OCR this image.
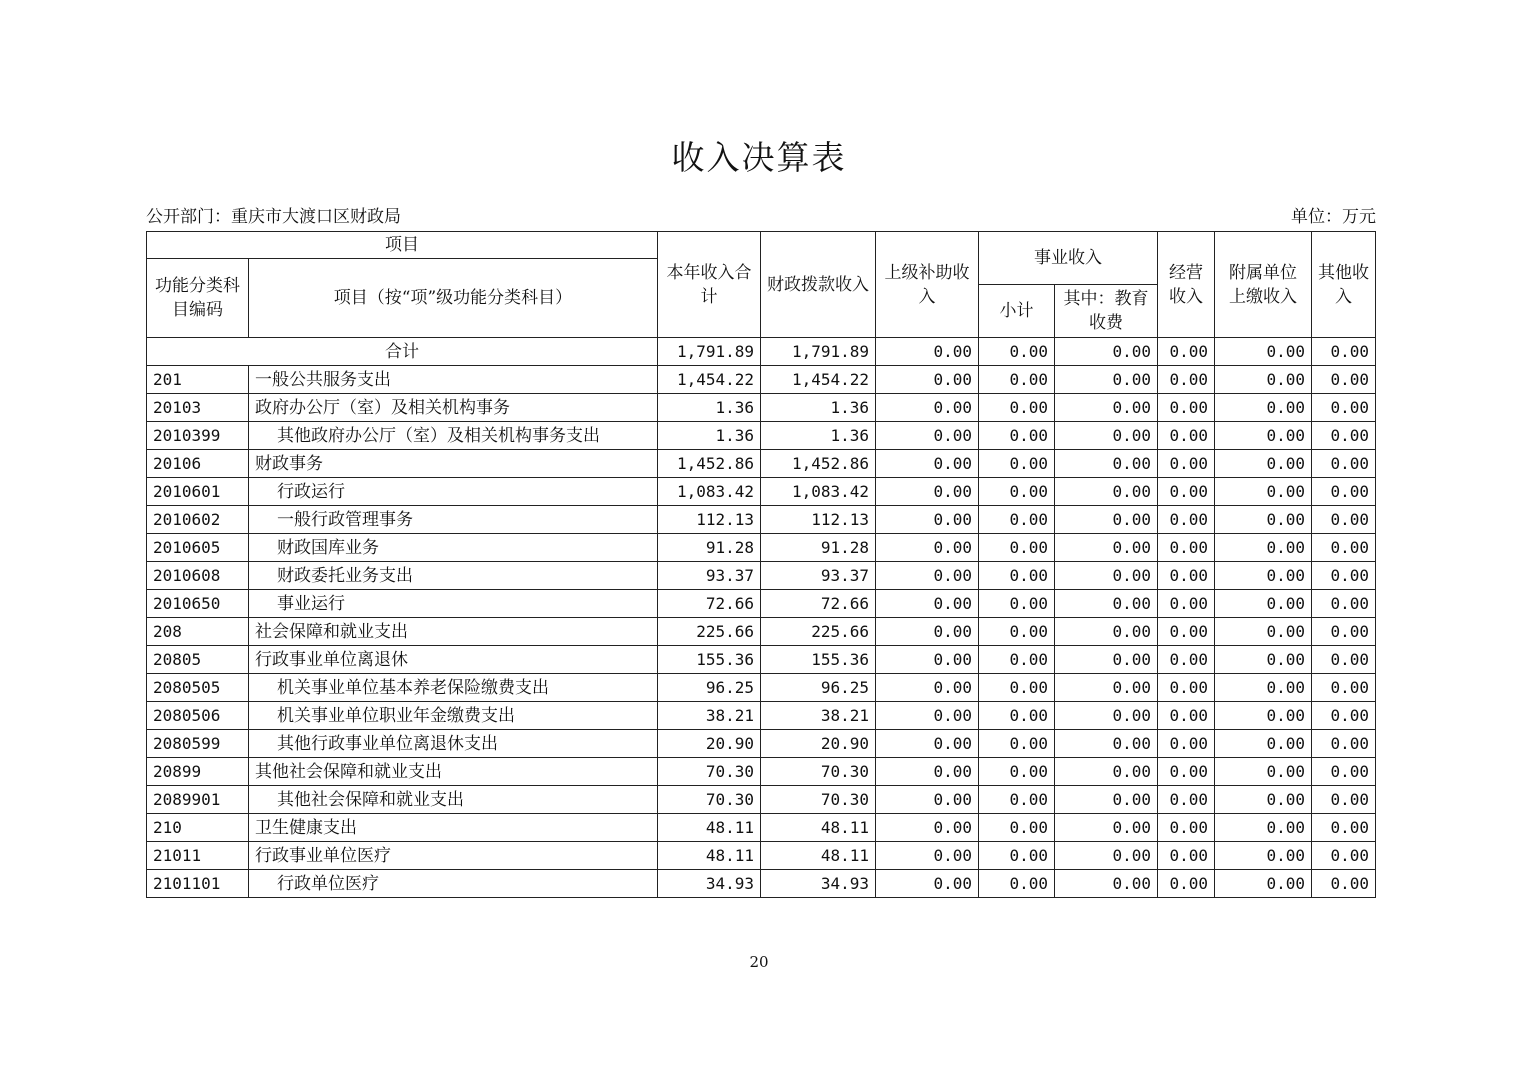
收入决算表
公开部门：重庆市大渡口区财政局	单位：万元
项目		本年收入合计	财政拨款收入	上级补助收入	事业收入		经营收入	附属单位上缴收入	其他收入
功能分类科目编码	项目（按“项”级功能分类科目）								
					小计	其中：教育收费			
合计		1,791.89	1,791.89	0.00	0.00	0.00	0.00	0.00	0.00
201	一般公共服务支出	1,454.22	1,454.22	0.00	0.00	0.00	0.00	0.00	0.00
20103	政府办公厅（室）及相关机构事务	1.36	1.36	0.00	0.00	0.00	0.00	0.00	0.00
2010399	其他政府办公厅（室）及相关机构事务支出	1.36	1.36	0.00	0.00	0.00	0.00	0.00	0.00
20106	财政事务	1,452.86	1,452.86	0.00	0.00	0.00	0.00	0.00	0.00
2010601	行政运行	1,083.42	1,083.42	0.00	0.00	0.00	0.00	0.00	0.00
2010602	一般行政管理事务	112.13	112.13	0.00	0.00	0.00	0.00	0.00	0.00
2010605	财政国库业务	91.28	91.28	0.00	0.00	0.00	0.00	0.00	0.00
2010608	财政委托业务支出	93.37	93.37	0.00	0.00	0.00	0.00	0.00	0.00
2010650	事业运行	72.66	72.66	0.00	0.00	0.00	0.00	0.00	0.00
208	社会保障和就业支出	225.66	225.66	0.00	0.00	0.00	0.00	0.00	0.00
20805	行政事业单位离退休	155.36	155.36	0.00	0.00	0.00	0.00	0.00	0.00
2080505	机关事业单位基本养老保险缴费支出	96.25	96.25	0.00	0.00	0.00	0.00	0.00	0.00
2080506	机关事业单位职业年金缴费支出	38.21	38.21	0.00	0.00	0.00	0.00	0.00	0.00
2080599	其他行政事业单位离退休支出	20.90	20.90	0.00	0.00	0.00	0.00	0.00	0.00
20899	其他社会保障和就业支出	70.30	70.30	0.00	0.00	0.00	0.00	0.00	0.00
2089901	其他社会保障和就业支出	70.30	70.30	0.00	0.00	0.00	0.00	0.00	0.00
210	卫生健康支出	48.11	48.11	0.00	0.00	0.00	0.00	0.00	0.00
21011	行政事业单位医疗	48.11	48.11	0.00	0.00	0.00	0.00	0.00	0.00
2101101	行政单位医疗	34.93	34.93	0.00	0.00	0.00	0.00	0.00	0.00
20
